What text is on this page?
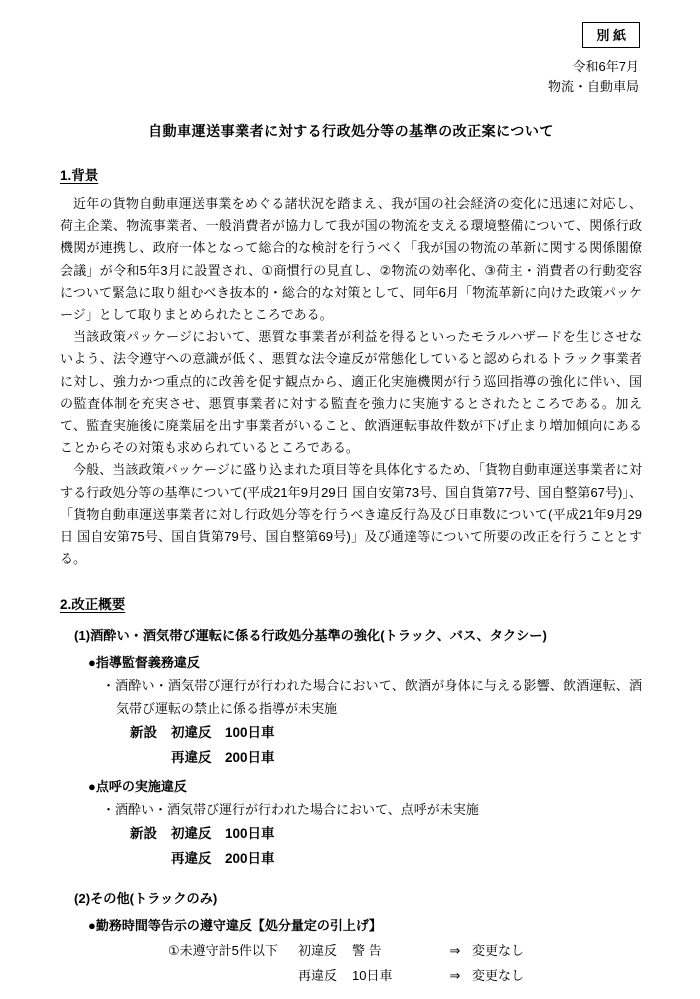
別 紙
令和6年7月
物流・自動車局
自動車運送事業者に対する行政処分等の基準の改正案について
1.背景

近年の貨物自動車運送事業をめぐる諸状況を踏まえ、我が国の社会経済の変化に迅速に対応し、荷主企業、物流事業者、一般消費者が協力して我が国の物流を支える環境整備について、関係行政機関が連携し、政府一体となって総合的な検討を行うべく「我が国の物流の革新に関する関係閣僚会議」が令和5年3月に設置され、①商慣行の見直し、②物流の効率化、③荷主・消費者の行動変容について緊急に取り組むべき抜本的・総合的な対策として、同年6月「物流革新に向けた政策パッケージ」として取りまとめられたところである。

当該政策パッケージにおいて、悪質な事業者が利益を得るといったモラルハザードを生じさせないよう、法令遵守への意識が低く、悪質な法令違反が常態化していると認められるトラック事業者に対し、強力かつ重点的に改善を促す観点から、適正化実施機関が行う巡回指導の強化に伴い、国の監査体制を充実させ、悪質事業者に対する監査を強力に実施するとされたところである。加えて、監査実施後に廃業届を出す事業者がいること、飲酒運転事故件数が下げ止まり増加傾向にあることからその対策も求められているところである。

今般、当該政策パッケージに盛り込まれた項目等を具体化するため、「貨物自動車運送事業者に対する行政処分等の基準について(平成21年9月29日 国自安第73号、国自貨第77号、国自整第67号)」、「貨物自動車運送事業者に対し行政処分等を行うべき違反行為及び日車数について(平成21年9月29日 国自安第75号、国自貨第79号、国自整第69号)」及び通達等について所要の改正を行うこととする。

2.改正概要
(1)酒酔い・酒気帯び運転に係る行政処分基準の強化(トラック、バス、タクシー)
●指導監督義務違反

・酒酔い・酒気帯び運行が行われた場合において、飲酒が身体に与える影響、飲酒運転、酒気帯び運転の禁止に係る指導が未実施

新設 初違反 100日車
再違反 200日車
●点呼の実施違反

・酒酔い・酒気帯び運行が行われた場合において、点呼が未実施

新設 初違反 100日車
再違反 200日車
(2)その他(トラックのみ)
●勤務時間等告示の遵守違反【処分量定の引上げ】
①未遵守計5件以下 初違反 警 告	⇒ 変更なし
再違反 10日車	⇒ 変更なし
